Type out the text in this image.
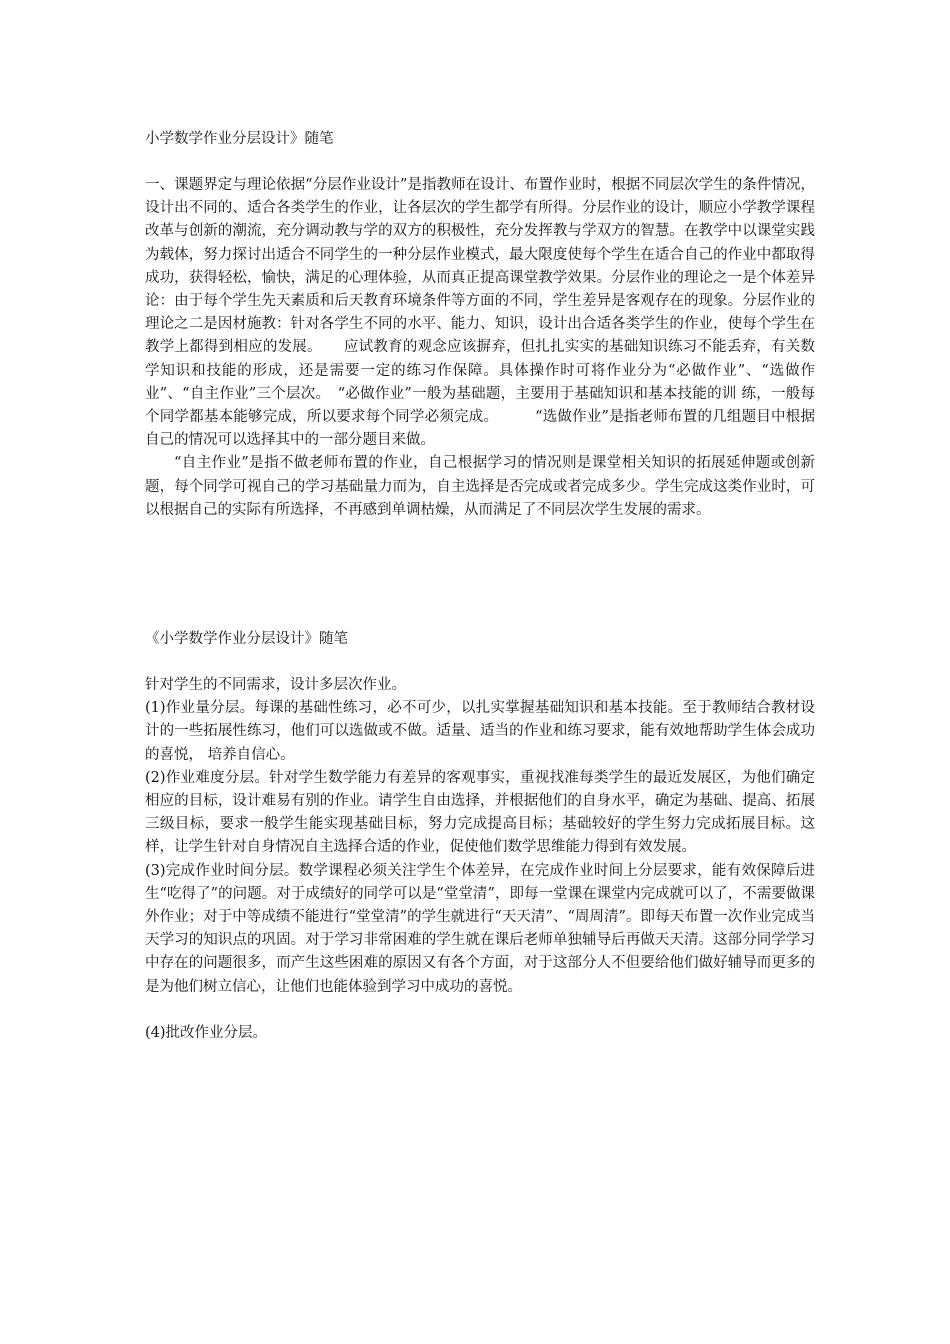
小学数学作业分层设计》随笔

一、课题界定与理论依据“分层作业设计”是指教师在设计、布置作业时，根据不同层次学生的条件情况，设计出不同的、适合各类学生的作业，让各层次的学生都学有所得。分层作业的设计，顺应小学教学课程改革与创新的潮流，充分调动教与学的双方的积极性，充分发挥教与学双方的智慧。在教学中以课堂实践为载体，努力探讨出适合不同学生的一种分层作业模式，最大限度使每个学生在适合自己的作业中都取得成功，获得轻松，愉快，满足的心理体验，从而真正提高课堂教学效果。分层作业的理论之一是个体差异论：由于每个学生先天素质和后天教育环境条件等方面的不同，学生差异是客观存在的现象。分层作业的理论之二是因材施教：针对各学生不同的水平、能力、知识，设计出合适各类学生的作业，使每个学生在教学上都得到相应的发展。　　应试教育的观念应该摒弃，但扎扎实实的基础知识练习不能丢弃，有关数学知识和技能的形成，还是需要一定的练习作保障。具体操作时可将作业分为“必做作业”、“选做作业”、“自主作业”三个层次。　“必做作业”一般为基础题，主要用于基础知识和基本技能的训 练，一般每个同学都基本能够完成，所以要求每个同学必须完成。　　　“选做作业”是指老师布置的几组题目中根据自己的情况可以选择其中的一部分题目来做。

“自主作业”是指不做老师布置的作业，自己根据学习的情况则是课堂相关知识的拓展延伸题或创新题，每个同学可视自己的学习基础量力而为，自主选择是否完成或者完成多少。学生完成这类作业时，可以根据自己的实际有所选择，不再感到单调枯燥，从而满足了不同层次学生发展的需求。

《小学数学作业分层设计》随笔

针对学生的不同需求，设计多层次作业。

(1)作业量分层。每课的基础性练习，必不可少，以扎实掌握基础知识和基本技能。至于教师结合教材设计的一些拓展性练习，他们可以选做或不做。适量、适当的作业和练习要求，能有效地帮助学生体会成功的喜悦， 培养自信心。

(2)作业难度分层。针对学生数学能力有差异的客观事实，重视找准每类学生的最近发展区，为他们确定相应的目标，设计难易有别的作业。请学生自由选择，并根据他们的自身水平，确定为基础、提高、拓展三级目标，要求一般学生能实现基础目标，努力完成提高目标；基础较好的学生努力完成拓展目标。这样，让学生针对自身情况自主选择合适的作业，促使他们数学思维能力得到有效发展。

(3)完成作业时间分层。数学课程必须关注学生个体差异，在完成作业时间上分层要求，能有效保障后进生“吃得了”的问题。对于成绩好的同学可以是“堂堂清”，即每一堂课在课堂内完成就可以了，不需要做课外作业；对于中等成绩不能进行“堂堂清”的学生就进行“天天清”、“周周清”。即每天布置一次作业完成当天学习的知识点的巩固。对于学习非常困难的学生就在课后老师单独辅导后再做天天清。这部分同学学习中存在的问题很多，而产生这些困难的原因又有各个方面，对于这部分人不但要给他们做好辅导而更多的是为他们树立信心，让他们也能体验到学习中成功的喜悦。

(4)批改作业分层。
